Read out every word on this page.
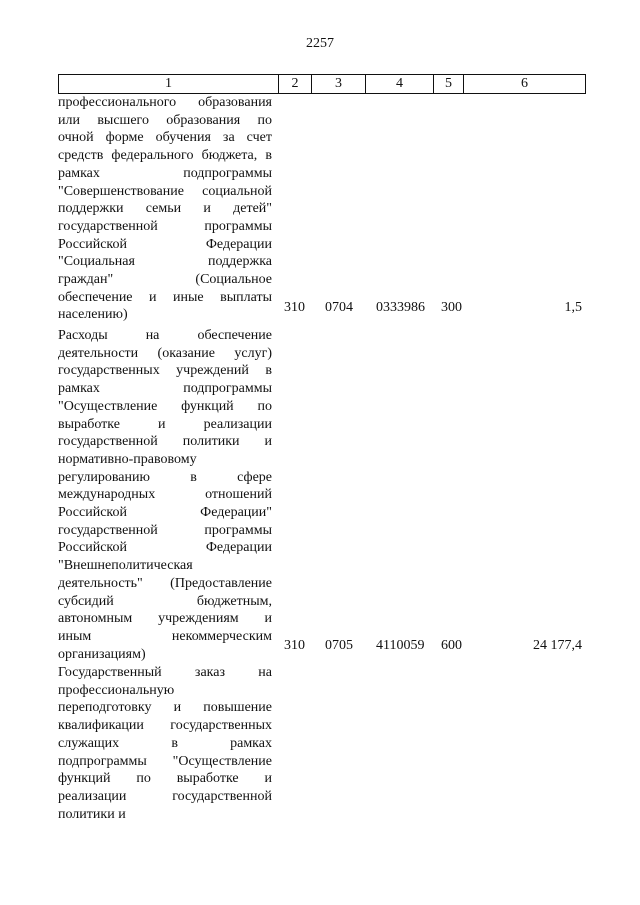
2257
1	2	3	4	5	6
профессионального образования
или высшего образования по
очной форме обучения за счет
средств федерального бюджета, в
рамках подпрограммы
"Совершенствование социальной
поддержки семьи и детей"
государственной программы
Российской Федерации
"Социальная поддержка
граждан" (Социальное
обеспечение и иные выплаты
населению)	310 0704 0333986 300	1,5
Расходы на обеспечение
деятельности (оказание услуг)
государственных учреждений в
рамках подпрограммы
"Осуществление функций по
выработке и реализации
государственной политики и
нормативно-правовому
регулированию в сфере
международных отношений
Российской Федерации"
государственной программы
Российской Федерации
"Внешнеполитическая
деятельность" (Предоставление
субсидий бюджетным,
автономным учреждениям и
иным некоммерческим
организациям)
310 0705 4110059 600	24 177,4
Государственный заказ на
профессиональную
переподготовку и повышение
квалификации государственных
служащих в рамках
подпрограммы "Осуществление
функций по выработке и
реализации государственной
политики и
